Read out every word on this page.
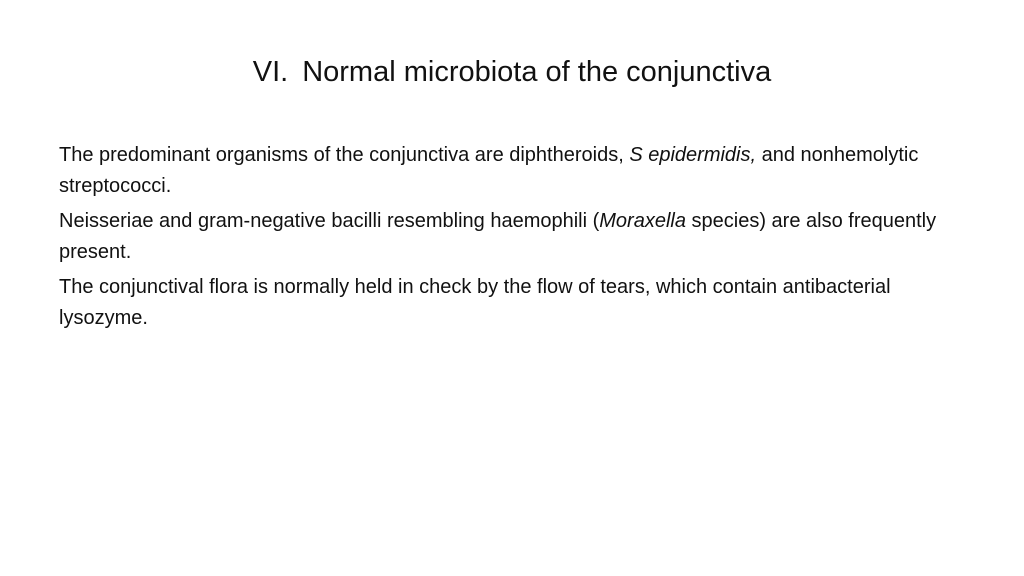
VI. Normal microbiota of the conjunctiva

The predominant organisms of the conjunctiva are diphtheroids, S epidermidis, and nonhemolytic streptococci.

Neisseriae and gram-negative bacilli resembling haemophili (Moraxella species) are also frequently present.

The conjunctival flora is normally held in check by the flow of tears, which contain antibacterial lysozyme.
